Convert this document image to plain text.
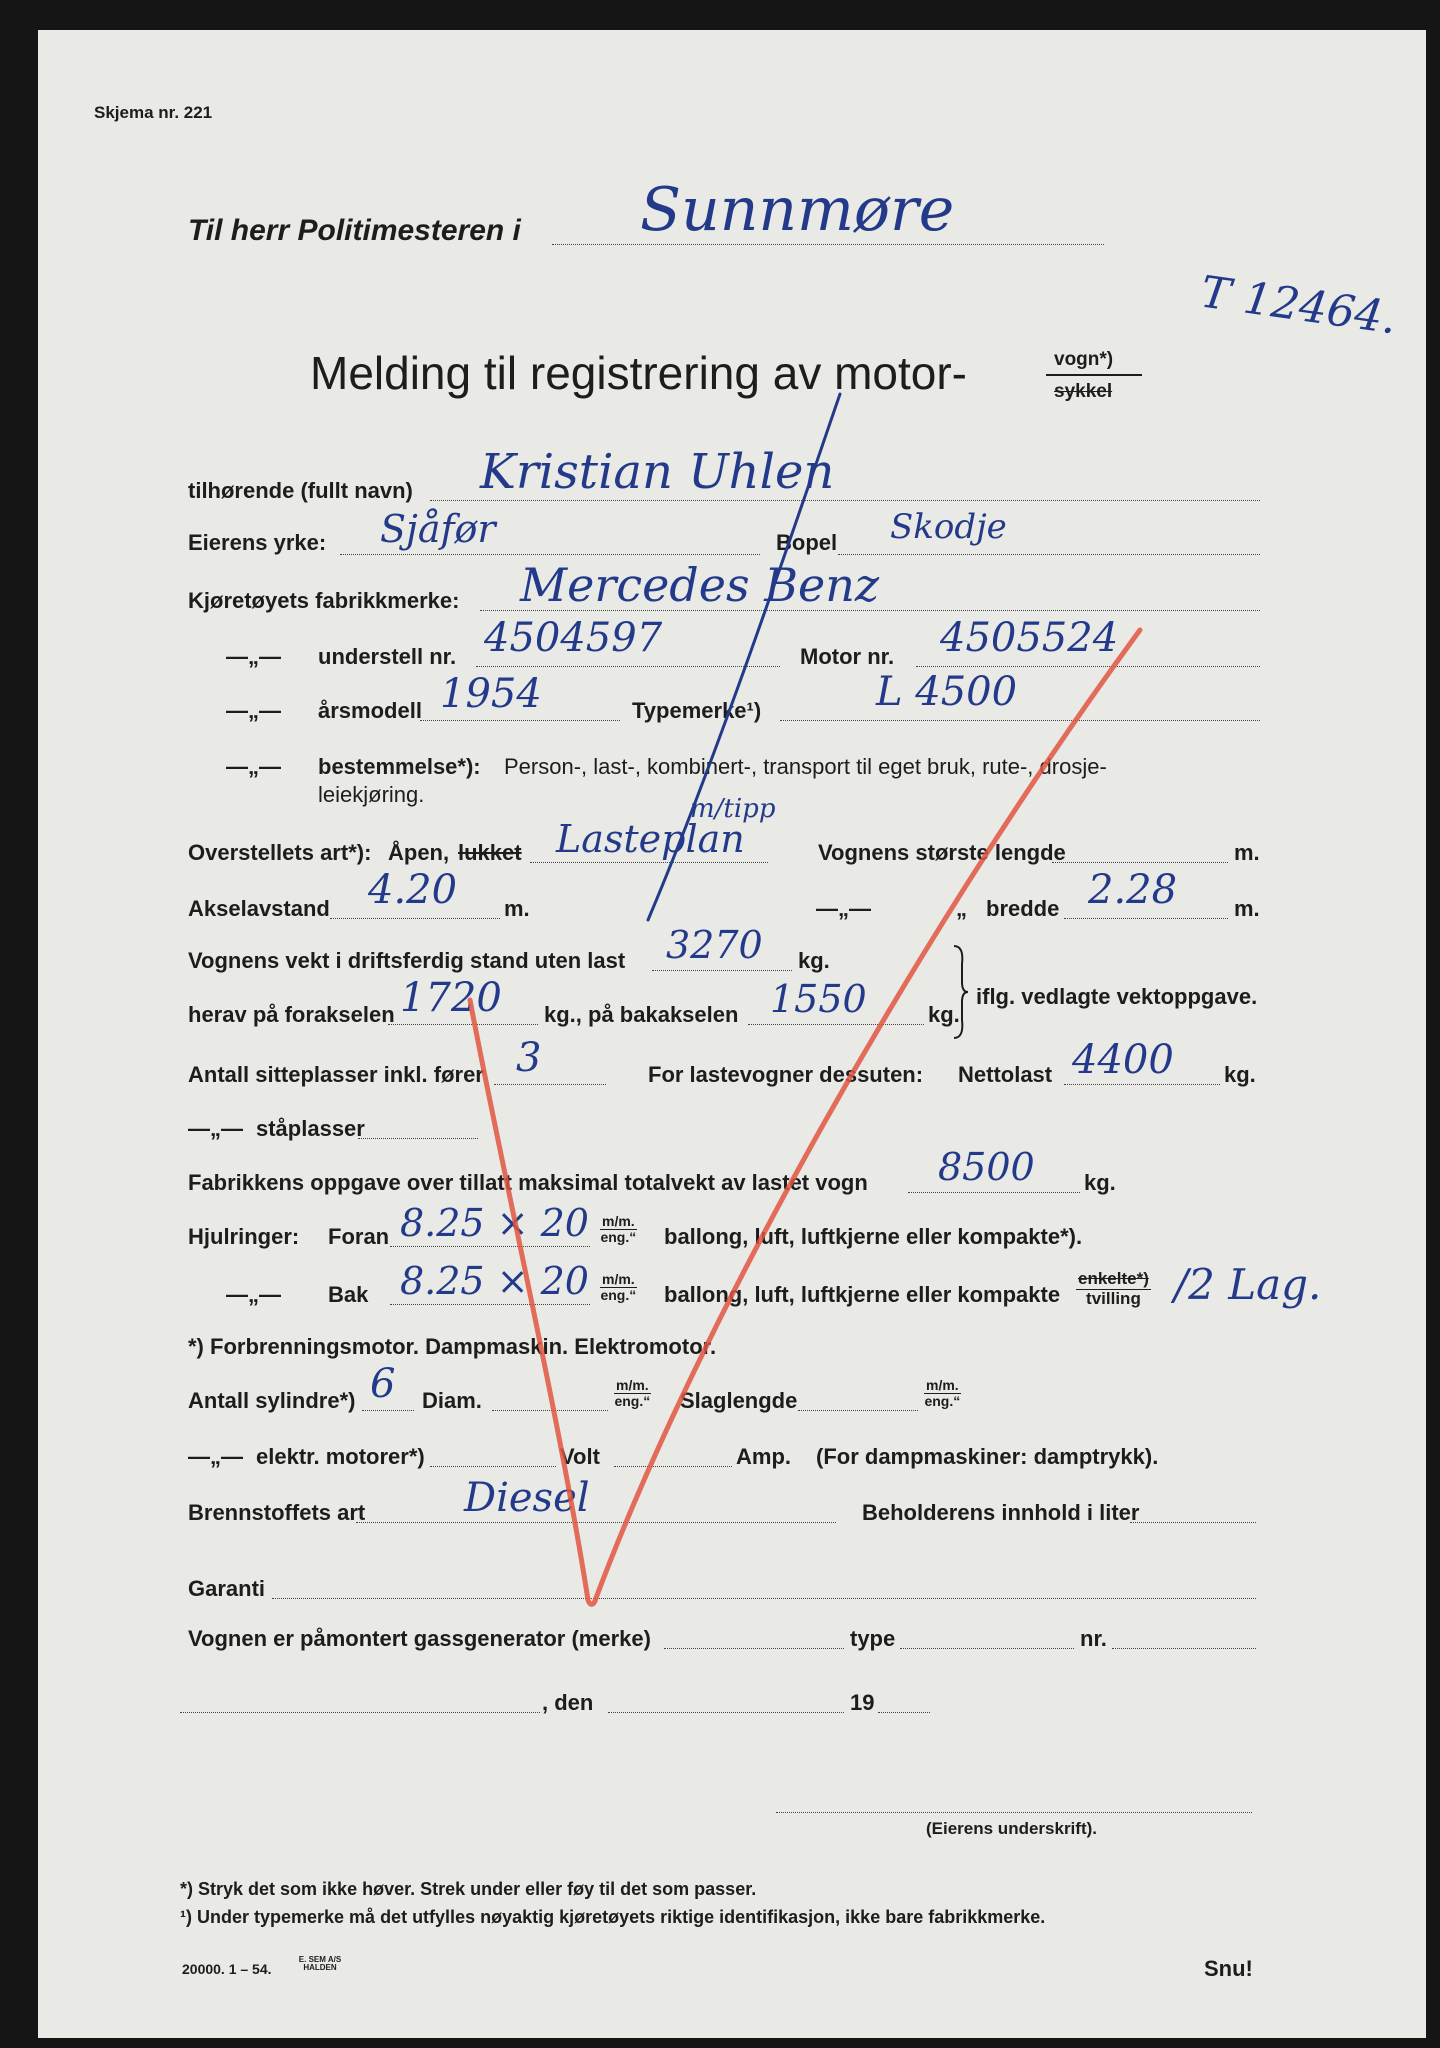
Skjema nr. 221
Til herr Politimesteren i Sunnmøre
T 12464.
Melding til registrering av motor-	vogn*)
sykkel
tilhørende (fullt navn) Kristian Uhlen
Eierens yrke: Sjåfør	Bopel Skodje
Kjøretøyets fabrikkmerke: Mercedes Benz
—„— understell nr. 4504597	Motor nr. 4505524
—„— årsmodell 1954	Typemerke¹)	L 4500
—„— bestemmelse*): Person-, last-, kombinert-, transport til eget bruk, rute-, drosje-
leiekjøring.
Overstellets art*): Åpen, lukket Lasteplan
m/tipp
Vognens største lengde	m.
Akselavstand 4.20 m.	—„—	„ bredde 2.28	m.
Vognens vekt i driftsferdig stand uten last 3270 kg.
herav på forakselen 1720 kg., på bakakselen 1550	kg.
iflg. vedlagte vektoppgave.
Antall sitteplasser inkl. fører 3	For lastevogner dessuten: Nettolast 4400 kg.
—„— ståplasser
Fabrikkens oppgave over tillatt maksimal totalvekt av lastet vogn 8500 kg.
Hjulringer: Foran 8.25 × 20 m/m.
eng.“ ballong, luft, luftkjerne eller kompakte*).
—„— Bak 8.25 × 20 m/m.
eng.“ ballong, luft, luftkjerne eller kompakte
enkelte*)
tvilling /2 Lag.
*) Forbrenningsmotor. Dampmaskin. Elektromotor.
Antall sylindre*) 6 Diam.
m/m.
eng.“ Slaglengde
m/m.
eng.“
—„— elektr. motorer*)	Volt	Amp. (For dampmaskiner: damptrykk).
Brennstoffets art Diesel	Beholderens innhold i liter
Garanti
Vognen er påmontert gassgenerator (merke)	type	nr.
, den	19
(Eierens underskrift).
*) Stryk det som ikke høver. Strek under eller føy til det som passer.
¹) Under typemerke må det utfylles nøyaktig kjøretøyets riktige identifikasjon, ikke bare fabrikkmerke.
20000. 1 – 54.
E. SEM A/S HALDEN	Snu!
